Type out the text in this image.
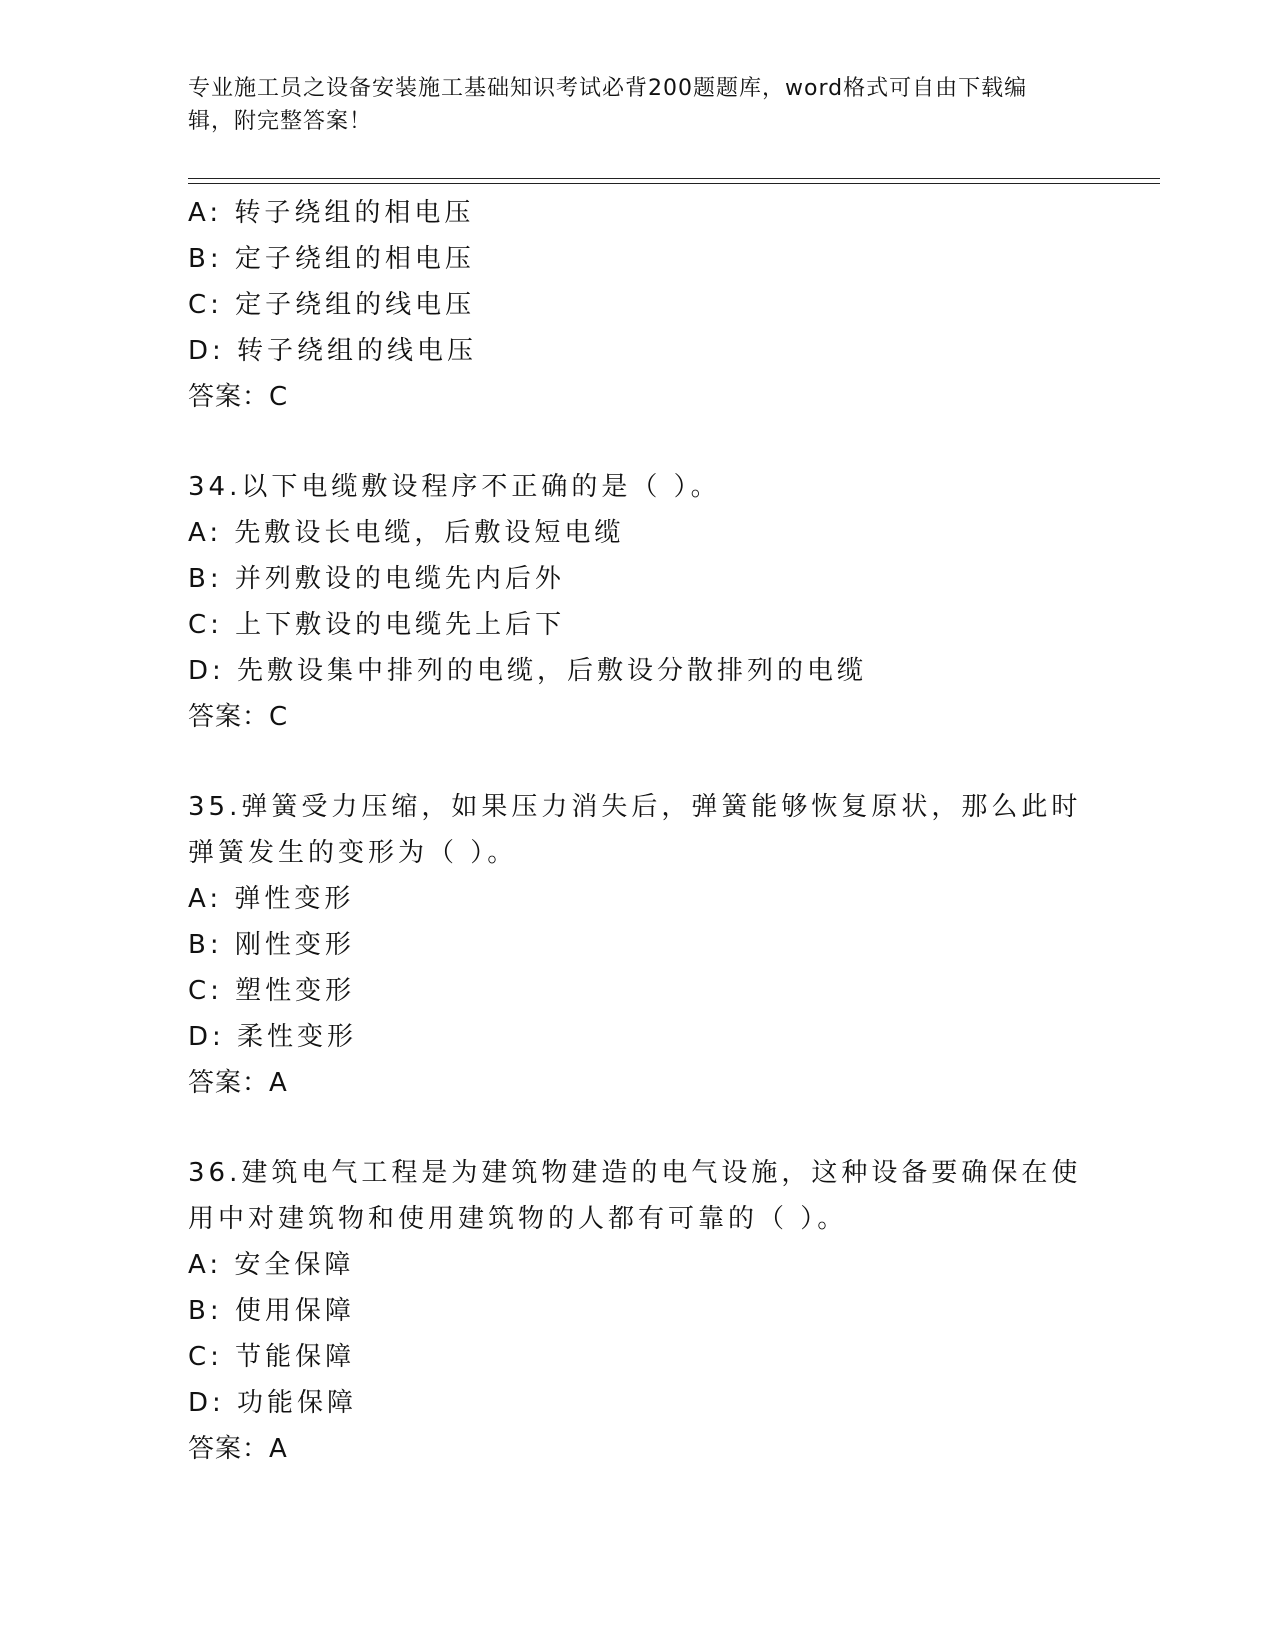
专业施工员之设备安装施工基础知识考试必背200题题库，word格式可自由下载编辑，附完整答案！
A: 转子绕组的相电压
B: 定子绕组的相电压
C: 定子绕组的线电压
D: 转子绕组的线电压
答案：C
34.以下电缆敷设程序不正确的是（ ）。
A: 先敷设长电缆，后敷设短电缆
B: 并列敷设的电缆先内后外
C: 上下敷设的电缆先上后下
D: 先敷设集中排列的电缆，后敷设分散排列的电缆
答案：C
35.弹簧受力压缩，如果压力消失后，弹簧能够恢复原状，那么此时弹簧发生的变形为（ ）。
A: 弹性变形
B: 刚性变形
C: 塑性变形
D: 柔性变形
答案：A
36.建筑电气工程是为建筑物建造的电气设施，这种设备要确保在使用中对建筑物和使用建筑物的人都有可靠的（ ）。
A: 安全保障
B: 使用保障
C: 节能保障
D: 功能保障
答案：A
